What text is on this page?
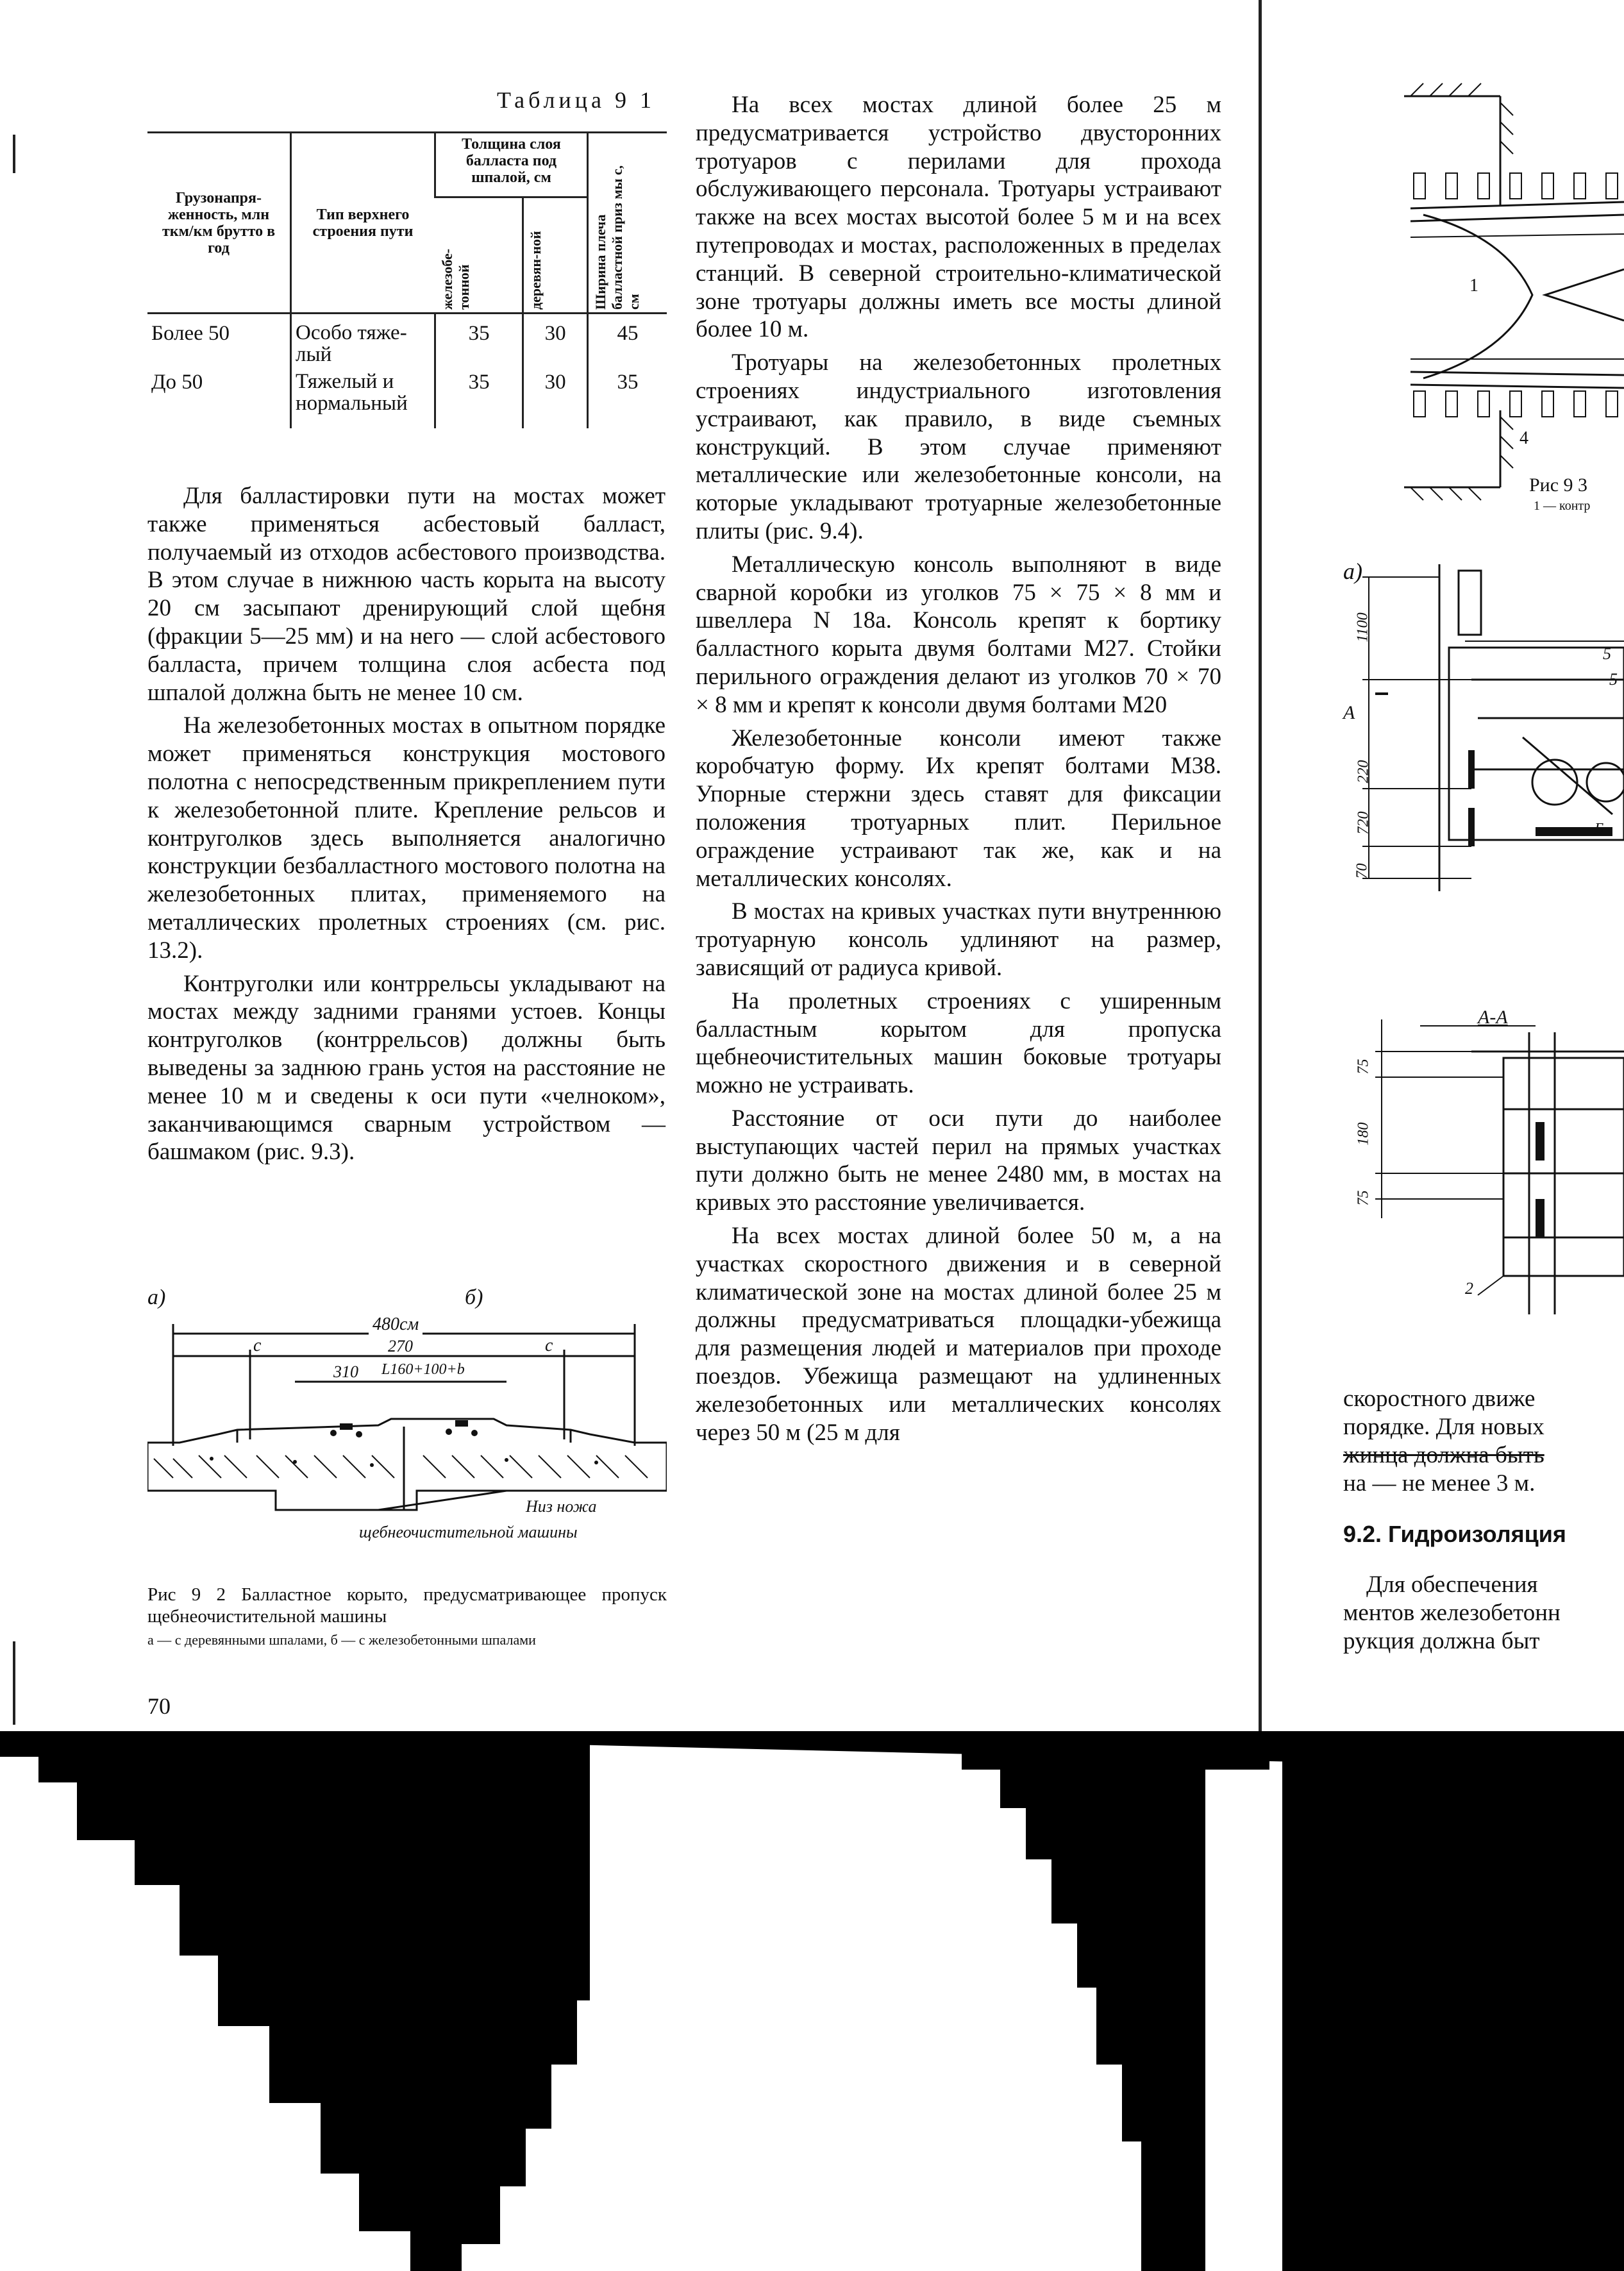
Таблица 9 1
Грузонапря-женность, млн ткм/км брутто в год	Тип верхнего строения пути	Толщина слоя балласта под шпалой, см		Ширина плеча балластной приз мы c, см

		железобе-тонной	деревян-ной	

Более 50	Особо тяже-лый	35	30	45
До 50	Тяжелый и нормальный	35	30	35

Для балластировки пути на мостах может также применяться асбестовый балласт, получаемый из отходов асбестового производства. В этом случае в нижнюю часть корыта на высоту 20 см засыпают дренирующий слой щебня (фракции 5—25 мм) и на него — слой асбестового балласта, причем толщина слоя асбеста под шпалой должна быть не менее 10 см.

На железобетонных мостах в опытном порядке может применяться конструкция мостового полотна с непосредственным прикреплением пути к железобетонной плите. Крепление рельсов и контруголков здесь выполняется аналогично конструкции безбалластного мостового полотна на железобетонных плитах, применяемого на металлических пролетных строениях (см. рис. 13.2).

Контруголки или контррельсы укладывают на мостах между задними гранями устоев. Концы контруголков (контррельсов) должны быть выведены за заднюю грань устоя на расстояние не менее 10 м и сведены к оси пути «челноком», заканчивающимся сварным устройством — башмаком (рис. 9.3).

а)	б)
480см
c	c
270
310 L160+100+b
Низ ножа
щебнеочистительной машины
Рис 9 2 Балластное корыто, предусматривающее пропуск щебнеочистительной машины
а — с деревянными шпалами, б — с железобетонными шпалами
70

На всех мостах длиной более 25 м предусматривается устройство двусторонних тротуаров с перилами для прохода обслуживающего персонала. Тротуары устраивают также на всех мостах высотой более 5 м и на всех путепроводах и мостах, расположенных в пределах станций. В северной строительно-климатической зоне тротуары должны иметь все мосты длиной более 10 м.

Тротуары на железобетонных пролетных строениях индустриального изготовления устраивают, как правило, в виде съемных конструкций. В этом случае применяют металлические или железобетонные консоли, на которые укладывают тротуарные железобетонные плиты (рис. 9.4).

Металлическую консоль выполняют в виде сварной коробки из уголков 75 × 75 × 8 мм и швеллера N 18а. Консоль крепят к бортику балластного корыта двумя болтами М27. Стойки перильного ограждения делают из уголков 70 × 70 × 8 мм и крепят к консоли двумя болтами М20

Железобетонные консоли имеют также коробчатую форму. Их крепят болтами М38. Упорные стержни здесь ставят для фиксации положения тротуарных плит. Перильное ограждение устраивают так же, как и на металлических консолях.

В мостах на кривых участках пути внутреннюю тротуарную консоль удлиняют на размер, зависящий от радиуса кривой.

На пролетных строениях с уширенным балластным корытом для пропуска щебнеочистительных машин боковые тротуары можно не устраивать.

Расстояние от оси пути до наиболее выступающих частей перил на прямых участках пути должно быть не менее 2480 мм, в мостах на кривых это расстояние увеличивается.

На всех мостах длиной более 50 м, а на участках скоростного движения и в северной климатической зоне на мостах длиной более 25 м должны предусматриваться площадки-убежища для размещения людей и материалов при проходе поездов. Убежища размещают на удлиненных железобетонных или металлических консолях через 50 м (25 м для

1
4
Рис 9 3
1 — контр
а)
А
А-А
1100
220
720
70
5
5
Б
75
180
75
2
скоростного движе
порядке. Для новых
жинца должна быть
на — не менее 3 м.
9.2. Гидроизоляция
Для обеспечения
ментов железобетонн
рукция должна быт
